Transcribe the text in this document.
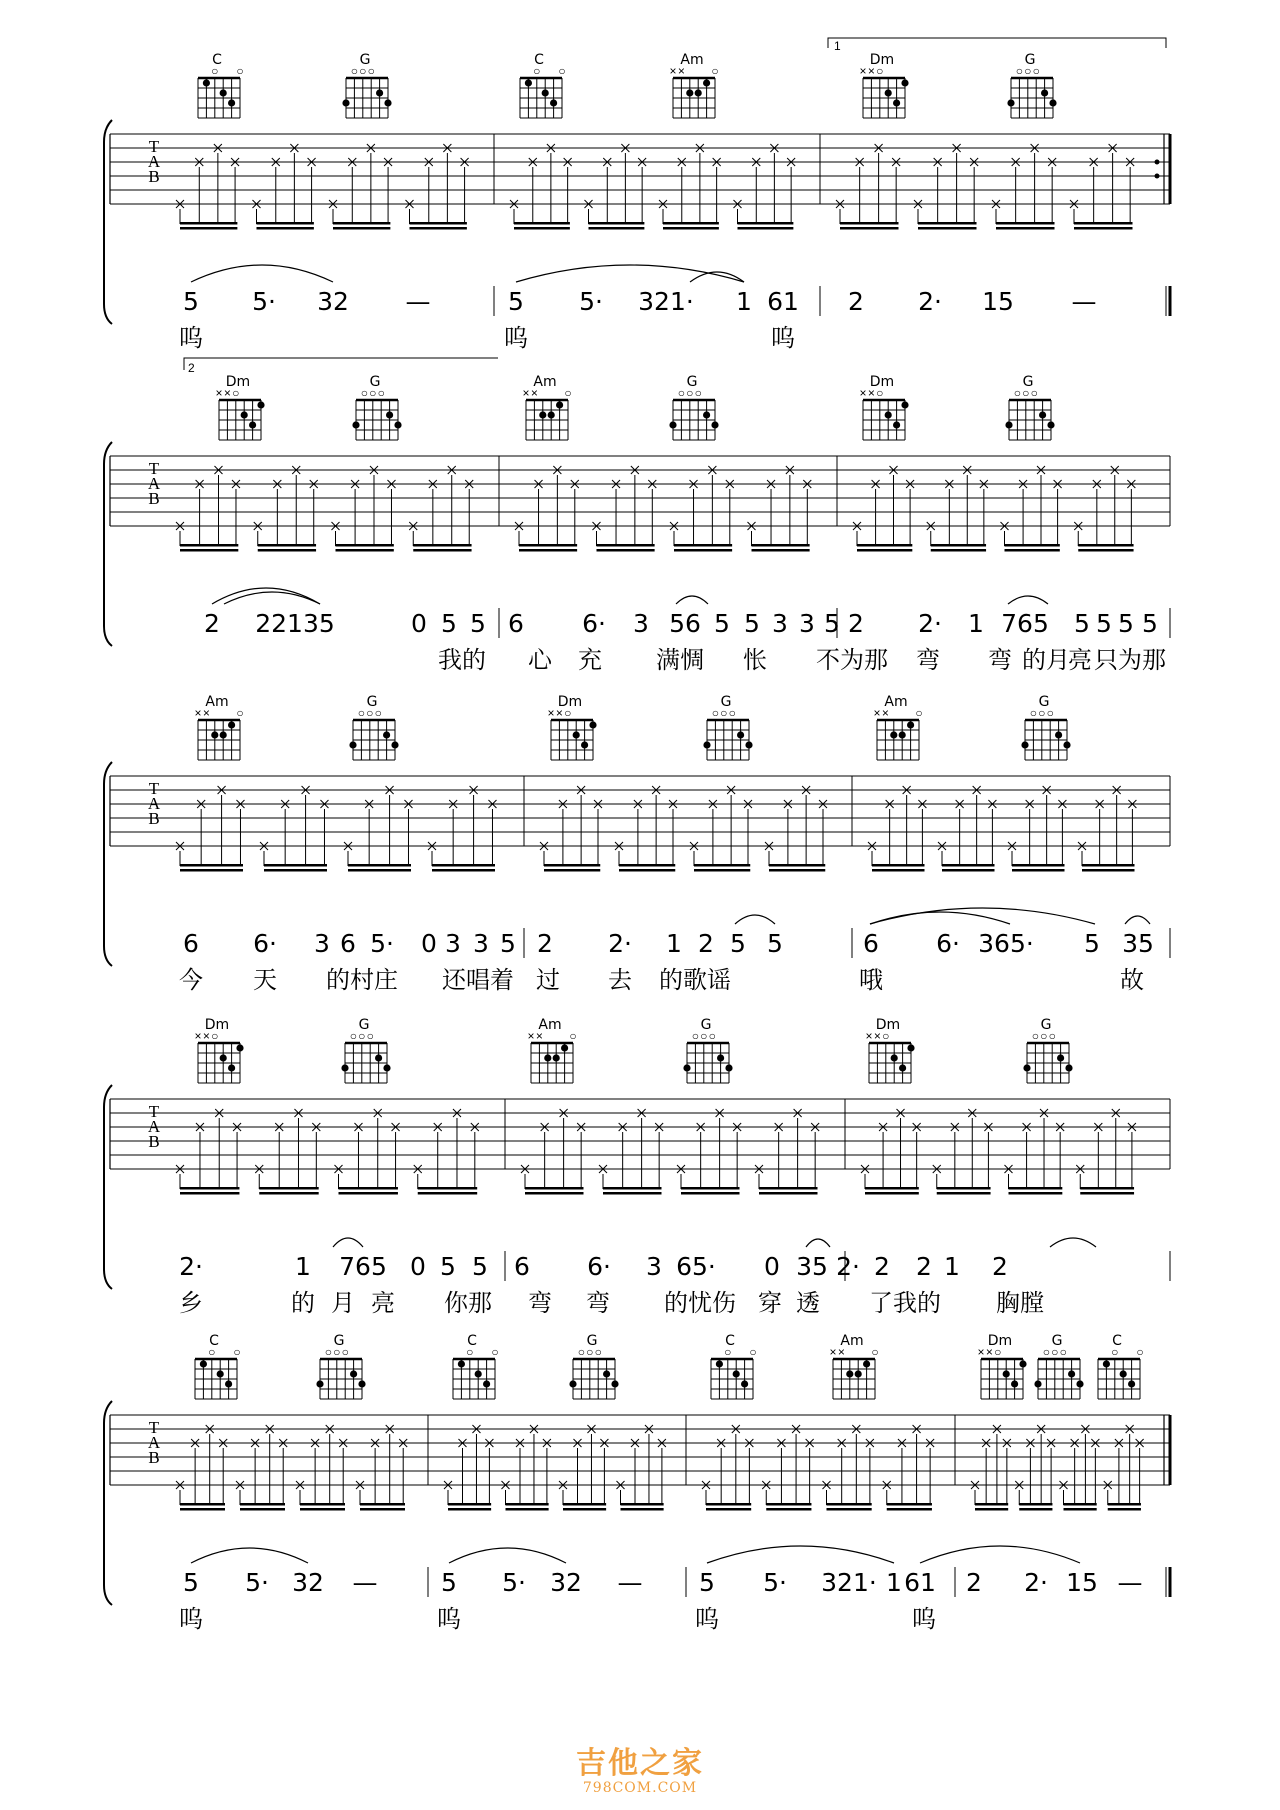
C
○ ○
G
○ ○ ○
C
○ ○
Am
× × ○
Dm
× × ○
G
○ ○ ○
T
A
B
5 5· 32 —	5 5· 321· 1 61 2 2· 15 —
呜	呜	呜
Dm
× × ○
G
○ ○ ○
Am
× × ○
G
○ ○ ○
Dm
× × ○
G
○ ○ ○
T
A
B
2 22135	0 5 5 6 6· 3 56 5 5 3 3 5 2 2· 1 765 5 5 5 5
我的 心 充 满惆 怅 不为那 弯 弯 的月
亮 只为那
Am
× × ○
G
○ ○ ○
Dm
× × ○
G
○ ○ ○
Am
× × ○
G
○ ○ ○
T
A
B
6 6· 3 6 5· 0 3 3 5 2 2· 1 2 5 5	6 6· 365· 5 35
今 天 的村庄 还唱着 过 去 的歌谣	哦	故
Dm
× × ○
G
○ ○ ○
Am
× × ○
G
○ ○ ○
Dm
× × ○
G
○ ○ ○
T
A
B
2·	1 765 0 5 5 6 6· 3 65· 0 35 2· 2 2 1 2
乡	的 月 亮 你那 弯 弯 的忧伤 穿 透 了我的 胸膛
C
○ ○
G
○ ○ ○
C
○ ○
G
○ ○ ○
C
○ ○
Am
× × ○
Dm
× × ○
G
○ ○ ○
C
○ ○
T
A
B
5 5· 32 —	5 5· 32 — 5 5· 321· 1 61 2 2· 15 —
呜	呜	呜	呜
1
2
吉他之家
798COM.COM
